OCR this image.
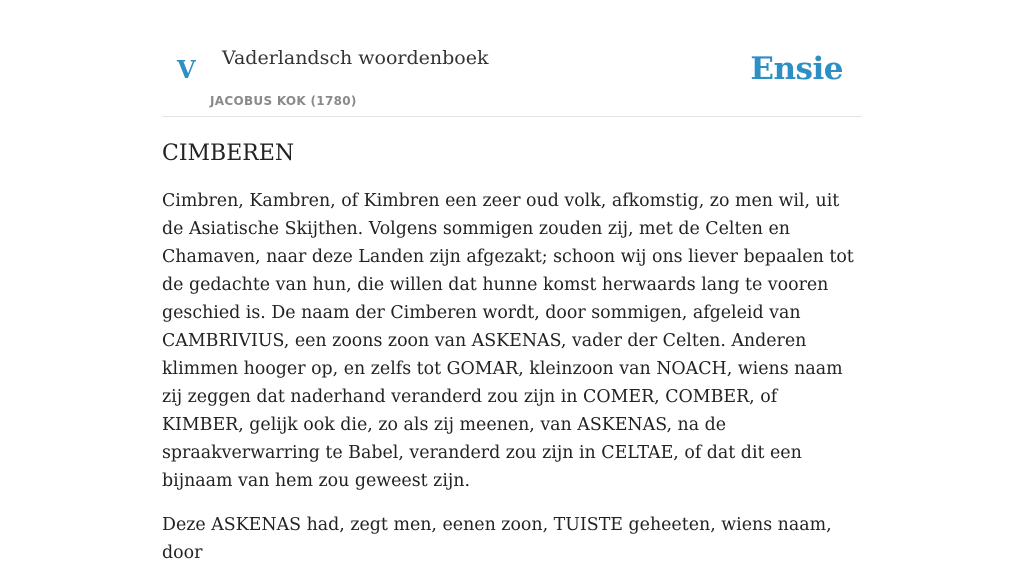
V Vaderlandsch woordenboek
JACOBUS KOK (1780)
Ensie
CIMBEREN

Cimbren, Kambren, of Kimbren een zeer oud volk, afkomstig, zo men wil, uit de Asiatische Skijthen. Volgens sommigen zouden zij, met de Celten en Chamaven, naar deze Landen zijn afgezakt; schoon wij ons liever bepaalen tot de gedachte van hun, die willen dat hunne komst herwaards lang te vooren geschied is. De naam der Cimberen wordt, door sommigen, afgeleid van CAMBRIVIUS, een zoons zoon van ASKENAS, vader der Celten. Anderen klimmen hooger op, en zelfs tot GOMAR, kleinzoon van NOACH, wiens naam zij zeggen dat naderhand veranderd zou zijn in COMER, COMBER, of KIMBER, gelijk ook die, zo als zij meenen, van ASKENAS, na de spraakverwarring te Babel, veranderd zou zijn in CELTAE, of dat dit een bijnaam van hem zou geweest zijn.

Deze ASKENAS had, zegt men, eenen zoon, TUISTE geheeten, wiens naam, door
